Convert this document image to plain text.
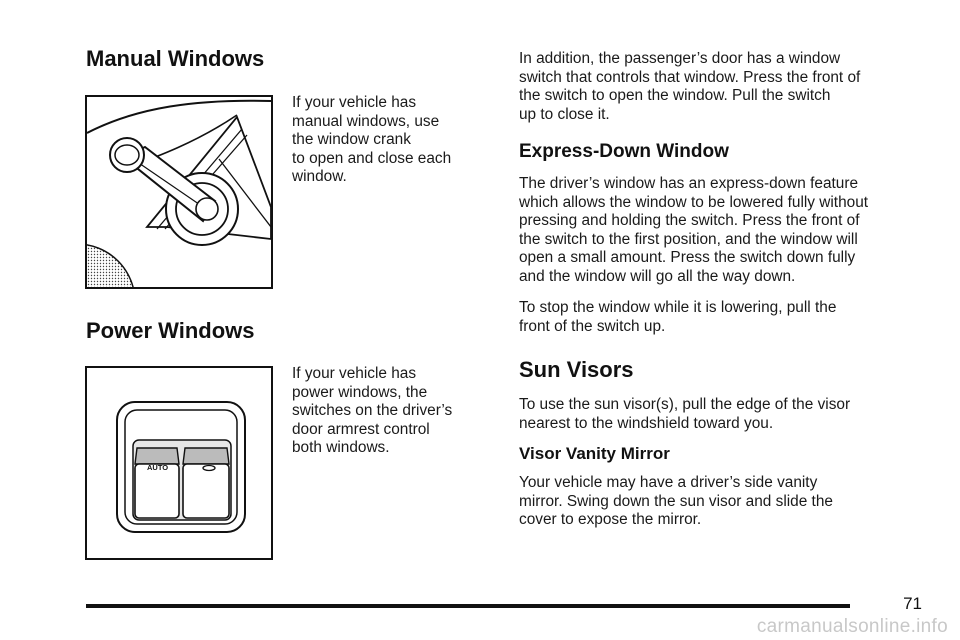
Manual Windows
If your vehicle has
manual windows, use
the window crank
to open and close each
window.
Power Windows
AUTO
If your vehicle has
power windows, the
switches on the driver’s
door armrest control
both windows.
In addition, the passenger’s door has a window
switch that controls that window. Press the front of
the switch to open the window. Pull the switch
up to close it.
Express-Down Window
The driver’s window has an express-down feature
which allows the window to be lowered fully without
pressing and holding the switch. Press the front of
the switch to the first position, and the window will
open a small amount. Press the switch down fully
and the window will go all the way down.
To stop the window while it is lowering, pull the
front of the switch up.
Sun Visors
To use the sun visor(s), pull the edge of the visor
nearest to the windshield toward you.
Visor Vanity Mirror
Your vehicle may have a driver’s side vanity
mirror. Swing down the sun visor and slide the
cover to expose the mirror.
71
carmanualsonline.info
